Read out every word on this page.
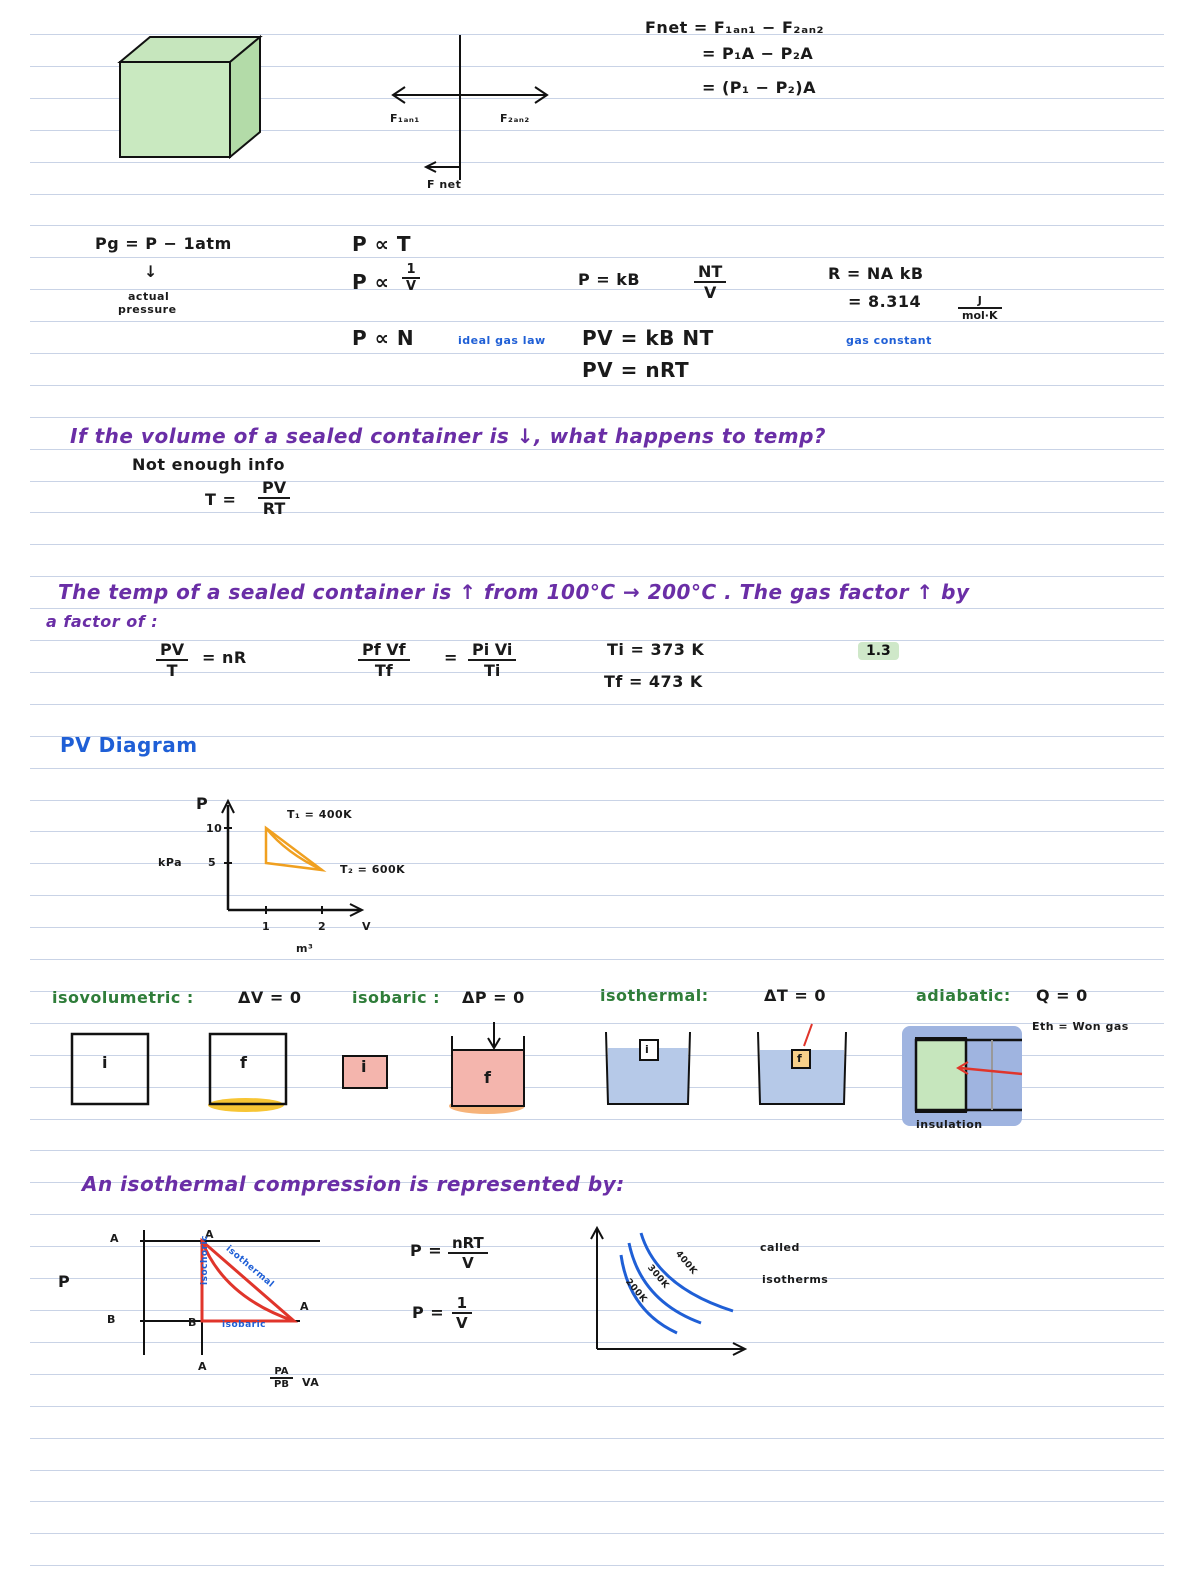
F₁ₐₙ₁	F₂ₐₙ₂
F net
Fnet = F₁ₐₙ₁ − F₂ₐₙ₂
= P₁A − P₂A
= (P₁ − P₂)A
Pg = P − 1atm
↓
actual
pressure
P ∝ T
$P \propto \frac{1}{V}$
P ∝ N
P = kB	$\frac{NT}{V}$
ideal gas law PV = kB NT
PV = nRT
R = NA kB
= 8.314	J
mol·K
gas constant
If the volume of a sealed container is ↓, what happens to temp?
Not enough info
$T = \frac{PV}{RT}$
The temp of a sealed container is ↑ from 100°C → 200°C . The gas factor ↑ by
a factor of :
$\frac{PV}{T}$ = nR	$\frac{\text{Pf Vf}}{Tf} = \frac{\text{Pi Vi}}{Ti}$	Ti = 373 K
Tf = 473 K
1.3
PV Diagram
P
10
5
kPa
1	2	V
m³
T₁ = 400K
T₂ = 600K
isovolumetric :	ΔV = 0	isobaric : ΔP = 0	isothermal:	ΔT = 0	adiabatic: Q = 0
Eth = Won gas
i	f	i
f
i
f
insulation
An isothermal compression is represented by:
P
A
B
A
A
B
A	$\frac{PA}{PB}$ VA
isochoric isothermal
isobaric
P = nRT
V
$P = \frac{1}{V}$
200K
300K
400K
called
isotherms
